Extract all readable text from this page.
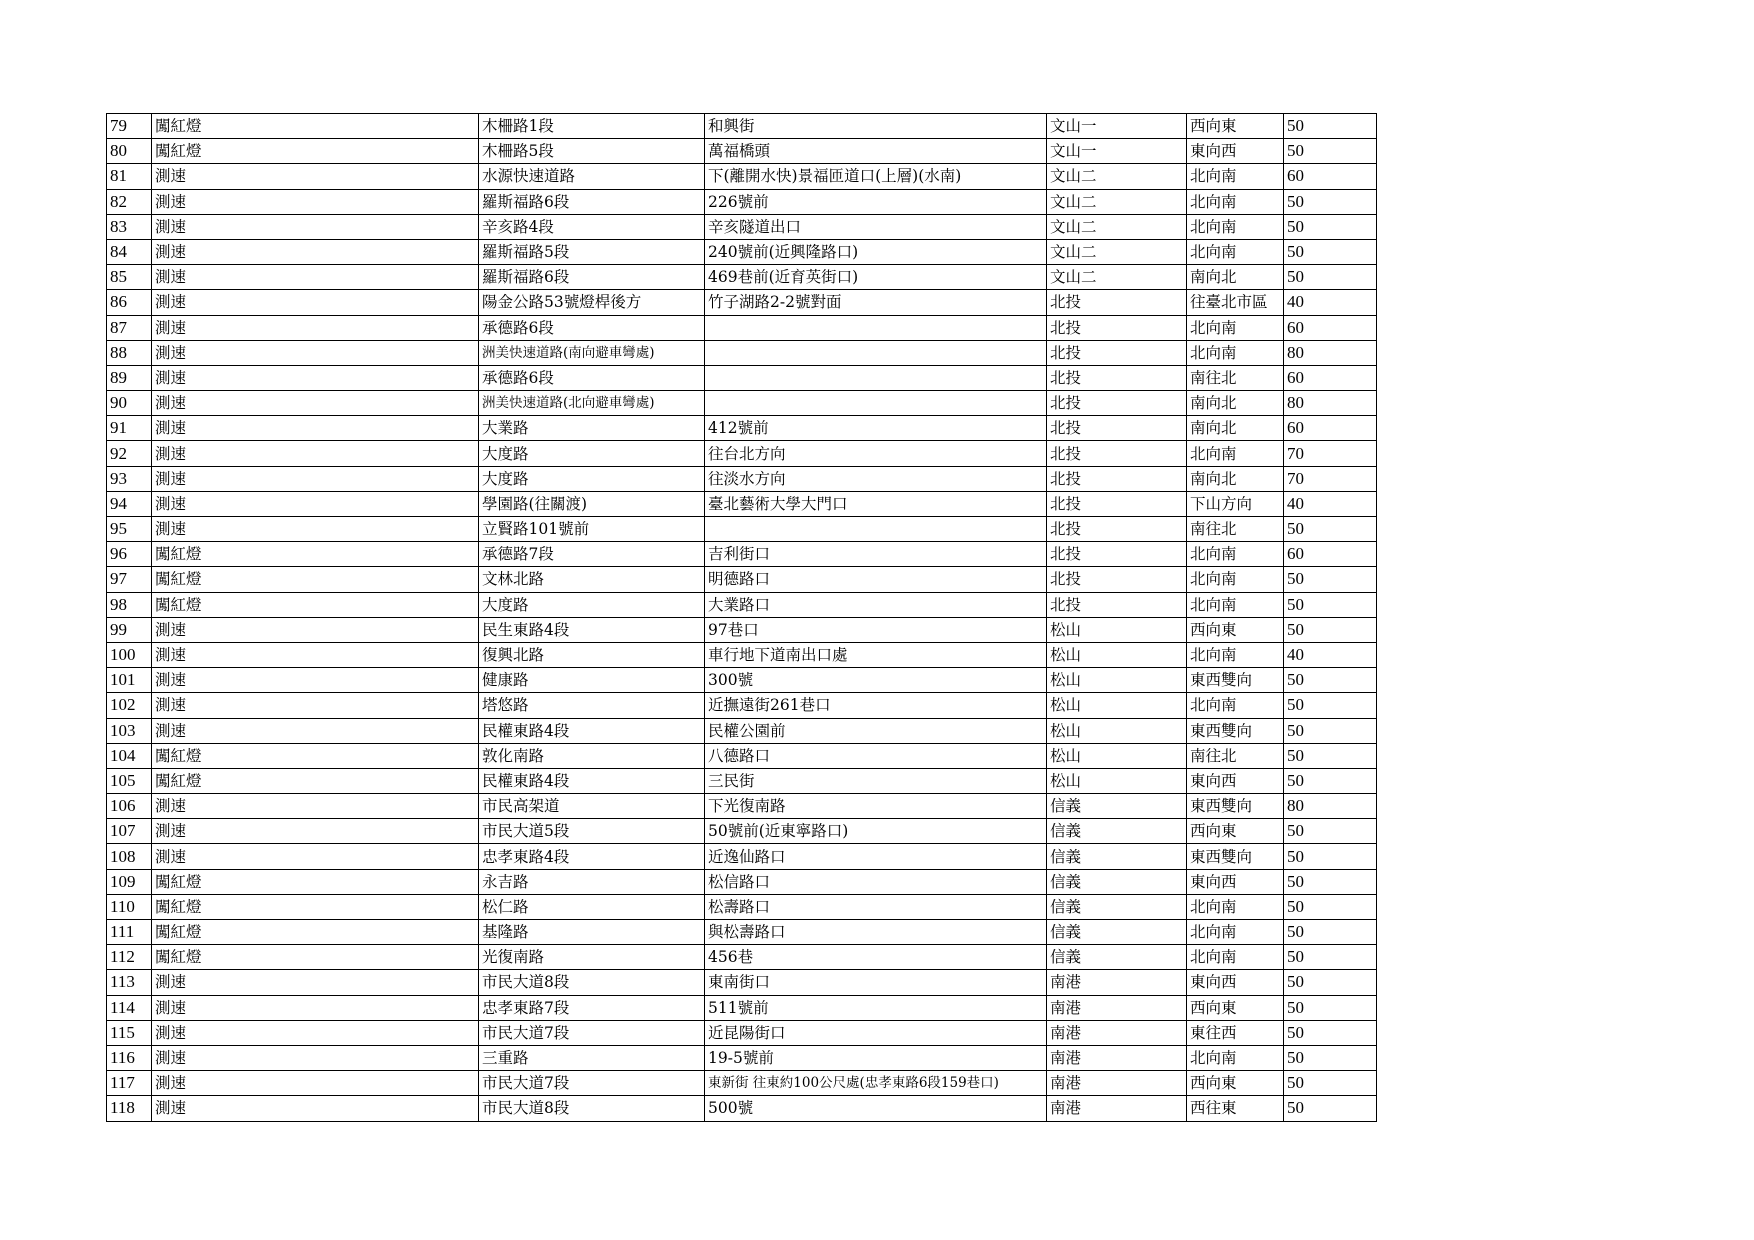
79	闖紅燈	木柵路1段	和興街	文山一	西向東	50
80	闖紅燈	木柵路5段	萬福橋頭	文山一	東向西	50
81	測速	水源快速道路	下(離開水快)景福匝道口(上層)(水南)	文山二	北向南	60
82	測速	羅斯福路6段	226號前	文山二	北向南	50
83	測速	辛亥路4段	辛亥隧道出口	文山二	北向南	50
84	測速	羅斯福路5段	240號前(近興隆路口)	文山二	北向南	50
85	測速	羅斯福路6段	469巷前(近育英街口)	文山二	南向北	50
86	測速	陽金公路53號燈桿後方	竹子湖路2-2號對面	北投	往臺北市區	40
87	測速	承德路6段		北投	北向南	60
88	測速	洲美快速道路(南向避車彎處)		北投	北向南	80
89	測速	承德路6段		北投	南往北	60
90	測速	洲美快速道路(北向避車彎處)		北投	南向北	80
91	測速	大業路	412號前	北投	南向北	60
92	測速	大度路	往台北方向	北投	北向南	70
93	測速	大度路	往淡水方向	北投	南向北	70
94	測速	學園路(往關渡)	臺北藝術大學大門口	北投	下山方向	40
95	測速	立賢路101號前		北投	南往北	50
96	闖紅燈	承德路7段	吉利街口	北投	北向南	60
97	闖紅燈	文林北路	明德路口	北投	北向南	50
98	闖紅燈	大度路	大業路口	北投	北向南	50
99	測速	民生東路4段	97巷口	松山	西向東	50
100	測速	復興北路	車行地下道南出口處	松山	北向南	40
101	測速	健康路	300號	松山	東西雙向	50
102	測速	塔悠路	近撫遠街261巷口	松山	北向南	50
103	測速	民權東路4段	民權公園前	松山	東西雙向	50
104	闖紅燈	敦化南路	八德路口	松山	南往北	50
105	闖紅燈	民權東路4段	三民街	松山	東向西	50
106	測速	市民高架道	下光復南路	信義	東西雙向	80
107	測速	市民大道5段	50號前(近東寧路口)	信義	西向東	50
108	測速	忠孝東路4段	近逸仙路口	信義	東西雙向	50
109	闖紅燈	永吉路	松信路口	信義	東向西	50
110	闖紅燈	松仁路	松壽路口	信義	北向南	50
111	闖紅燈	基隆路	與松壽路口	信義	北向南	50
112	闖紅燈	光復南路	456巷	信義	北向南	50
113	測速	市民大道8段	東南街口	南港	東向西	50
114	測速	忠孝東路7段	511號前	南港	西向東	50
115	測速	市民大道7段	近昆陽街口	南港	東往西	50
116	測速	三重路	19-5號前	南港	北向南	50
117	測速	市民大道7段	東新街 往東約100公尺處(忠孝東路6段159巷口)	南港	西向東	50
118	測速	市民大道8段	500號	南港	西往東	50
